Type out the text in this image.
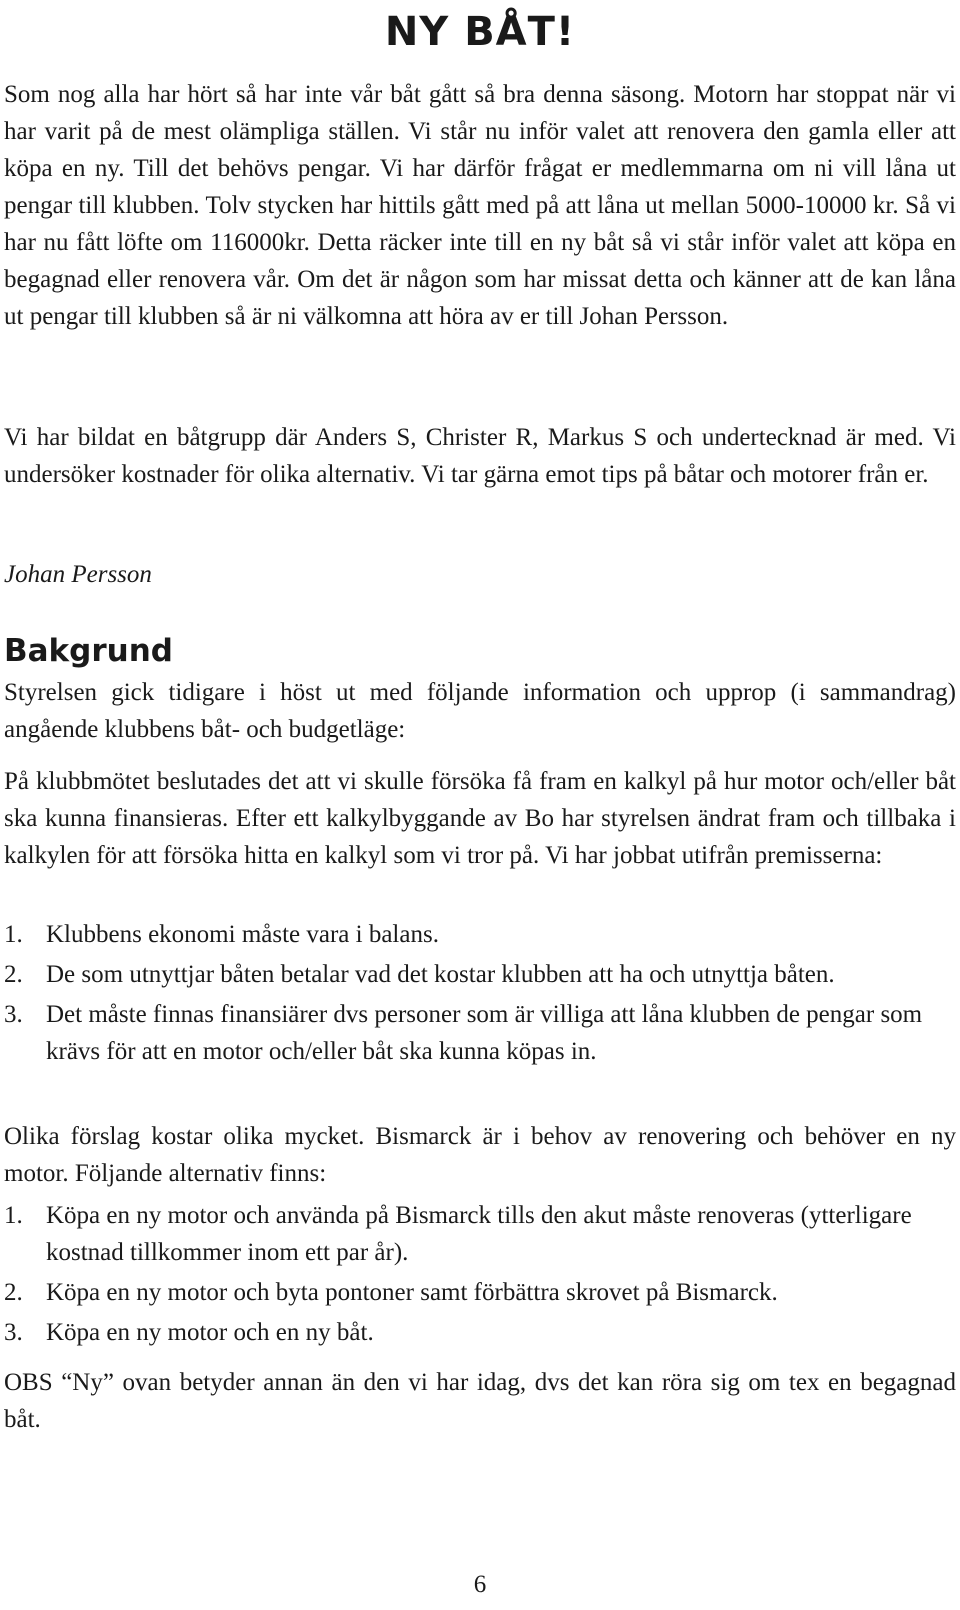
NY BÅT!

Som nog alla har hört så har inte vår båt gått så bra denna säsong. Motorn har stoppat när vi har varit på de mest olämpliga ställen. Vi står nu inför valet att renovera den gamla eller att köpa en ny. Till det behövs pengar. Vi har därför frågat er medlemmarna om ni vill låna ut pengar till klubben. Tolv stycken har hittils gått med på att låna ut mellan 5000-10000 kr. Så vi har nu fått löfte om 116000kr. Detta räcker inte till en ny båt så vi står inför valet att köpa en begagnad eller renovera vår. Om det är någon som har missat detta och känner att de kan låna ut pengar till klubben så är ni välkomna att höra av er till Johan Persson.

Vi har bildat en båtgrupp där Anders S, Christer R, Markus S och undertecknad är med. Vi undersöker kostnader för olika alternativ. Vi tar gärna emot tips på båtar och motorer från er.

Johan Persson

Bakgrund

Styrelsen gick tidigare i höst ut med följande information och upprop (i sammandrag) angående klubbens båt- och budgetläge:

På klubbmötet beslutades det att vi skulle försöka få fram en kalkyl på hur motor och/eller båt ska kunna finansieras. Efter ett kalkylbyggande av Bo har styrelsen ändrat fram och tillbaka i kalkylen för att försöka hitta en kalkyl som vi tror på. Vi har jobbat utifrån premisserna:

1. Klubbens ekonomi måste vara i balans.
2. De som utnyttjar båten betalar vad det kostar klubben att ha och utnyttja båten.
3. Det måste finnas finansiärer dvs personer som är villiga att låna klubben de pengar som krävs för att en motor och/eller båt ska kunna köpas in.

Olika förslag kostar olika mycket. Bismarck är i behov av renovering och behöver en ny motor. Följande alternativ finns:

1. Köpa en ny motor och använda på Bismarck tills den akut måste renoveras (ytterligare kostnad tillkommer inom ett par år).
2. Köpa en ny motor och byta pontoner samt förbättra skrovet på Bismarck.
3. Köpa en ny motor och en ny båt.

OBS “Ny” ovan betyder annan än den vi har idag, dvs det kan röra sig om tex en begagnad båt.

6
